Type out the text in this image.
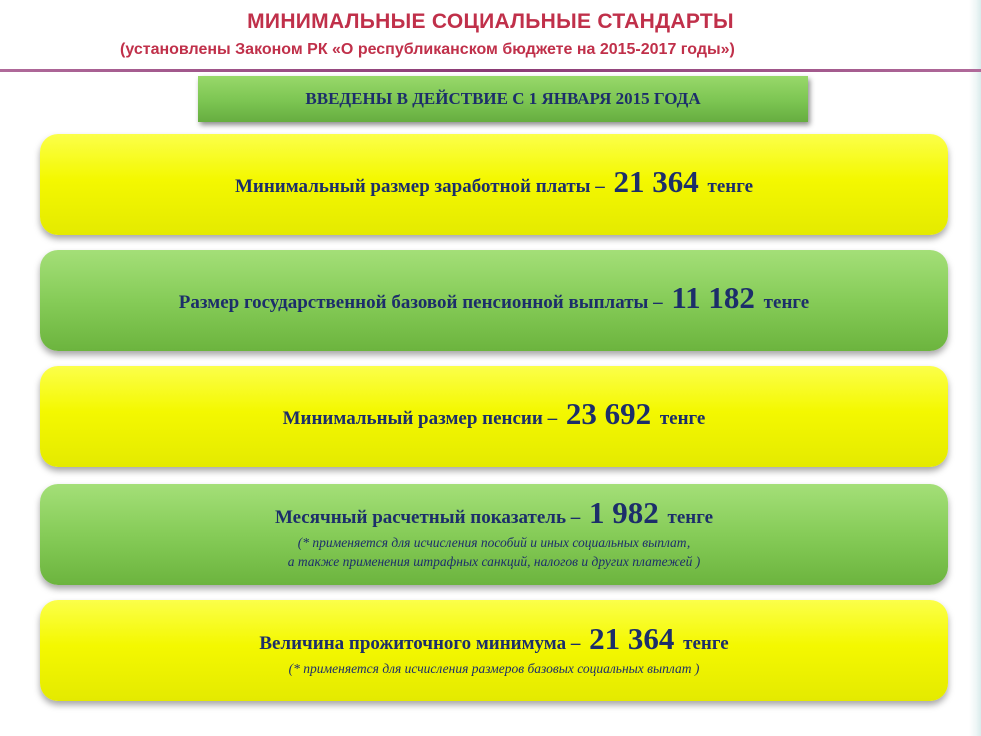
МИНИМАЛЬНЫЕ СОЦИАЛЬНЫЕ СТАНДАРТЫ
(установлены Законом РК «О республиканском бюджете на 2015-2017 годы»)
ВВЕДЕНЫ В ДЕЙСТВИЕ С 1 ЯНВАРЯ 2015 ГОДА
Минимальный размер заработной платы – 21 364 тенге
Размер государственной базовой пенсионной выплаты – 11 182 тенге
Минимальный размер пенсии – 23 692 тенге
Месячный расчетный показатель – 1 982 тенге
(* применяется для исчисления пособий и иных социальных выплат,
а также применения штрафных санкций, налогов и других платежей )
Величина прожиточного минимума – 21 364 тенге
(* применяется для исчисления размеров базовых социальных выплат )
